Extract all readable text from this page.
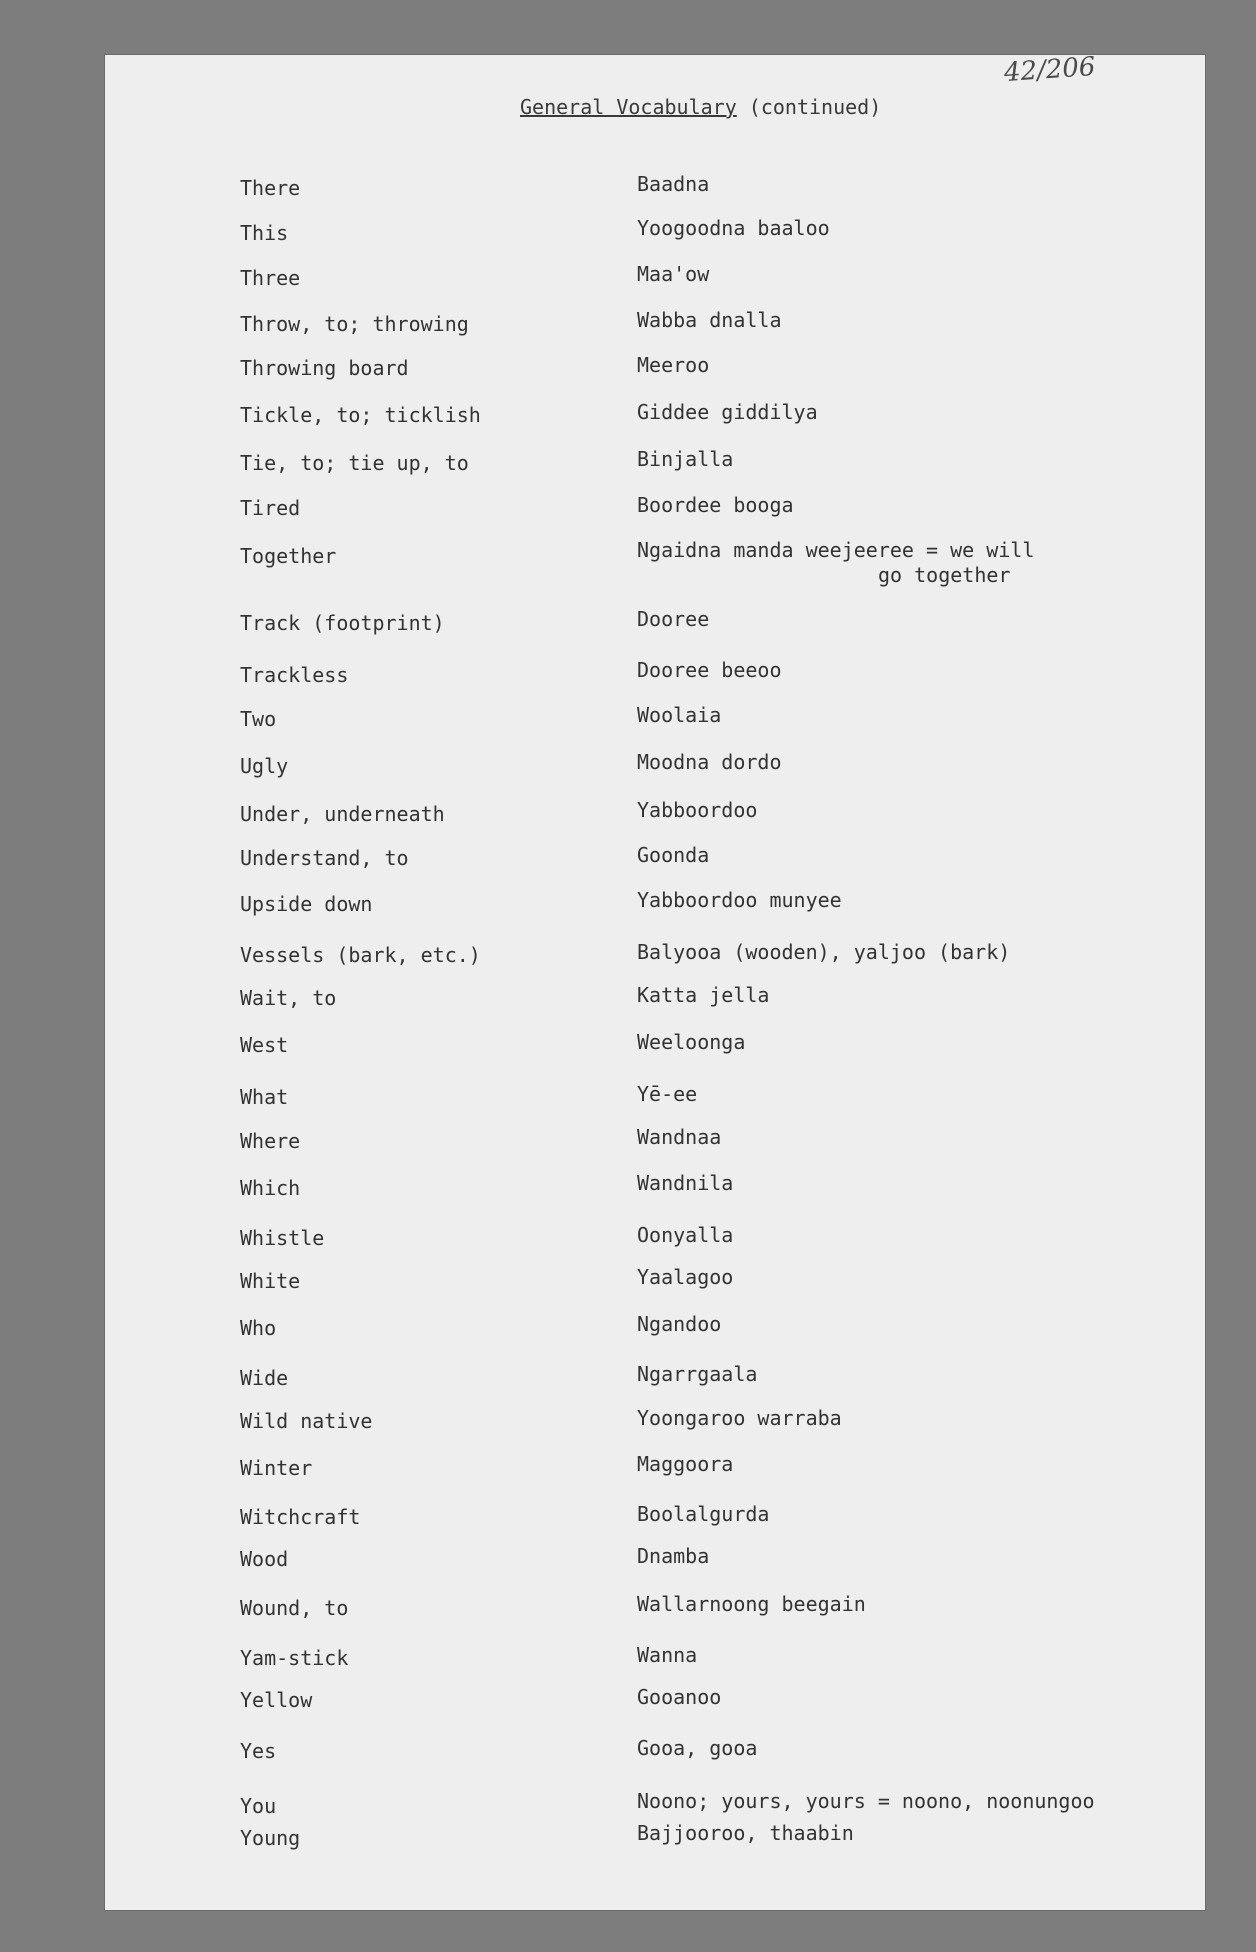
42/206
General Vocabulary (continued)
There	Baadna
This	Yoogoodna baaloo
Three	Maa'ow
Throw, to; throwing	Wabba dnalla
Throwing board	Meeroo
Tickle, to; ticklish	Giddee giddilya
Tie, to; tie up, to	Binjalla
Tired	Boordee booga
Together	Ngaidna manda weejeeree = we will
go together
Track (footprint)	Dooree
Trackless	Dooree beeoo
Two	Woolaia
Ugly	Moodna dordo
Under, underneath	Yabboordoo
Understand, to	Goonda
Upside down	Yabboordoo munyee
Vessels (bark, etc.)	Balyooa (wooden), yaljoo (bark)
Wait, to	Katta jella
West	Weeloonga
What	Yē-ee
Where	Wandnaa
Which	Wandnila
Whistle	Oonyalla
White	Yaalagoo
Who	Ngandoo
Wide	Ngarrgaala
Wild native	Yoongaroo warraba
Winter	Maggoora
Witchcraft	Boolalgurda
Wood	Dnamba
Wound, to	Wallarnoong beegain
Yam-stick	Wanna
Yellow	Gooanoo
Yes	Gooa, gooa
You	Noono; yours, yours = noono, noonungoo
Young	Bajjooroo, thaabin
